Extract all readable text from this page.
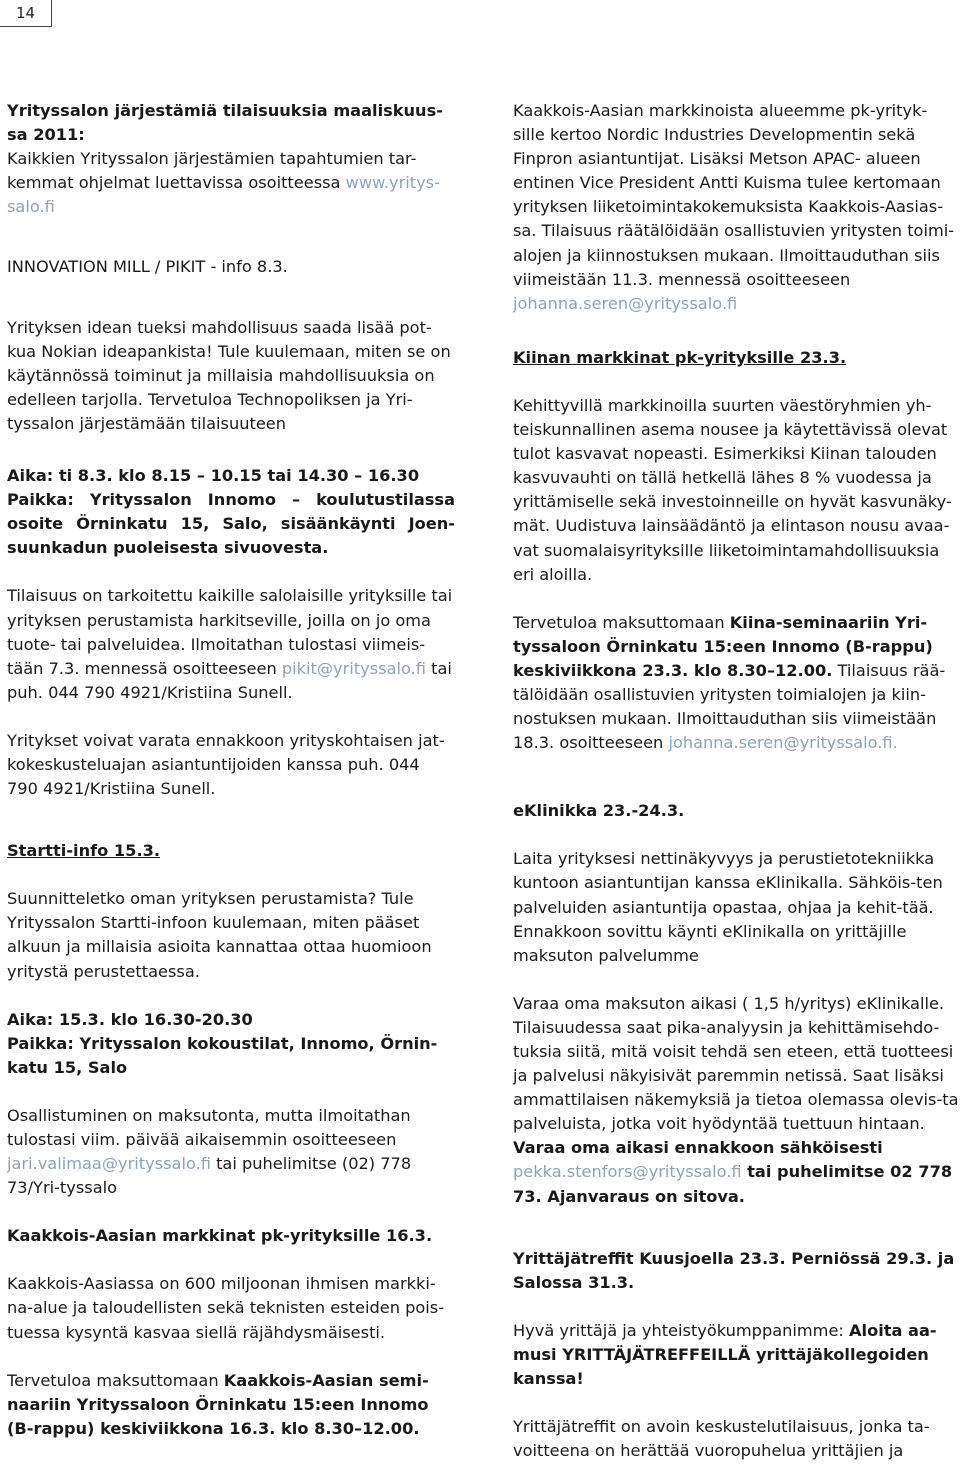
14

Yrityssalon järjestämiä tilaisuuksia maaliskuus-
sa 2011:

Kaikkien Yrityssalon järjestämien tapahtumien tar-kemmat ohjelmat luettavissa osoitteessa www.yritys-salo.fi

INNOVATION MILL / PIKIT - info 8.3.

Yrityksen idean tueksi mahdollisuus saada lisää pot-kua Nokian ideapankista! Tule kuulemaan, miten se on käytännössä toiminut ja millaisia mahdollisuuksia on edelleen tarjolla. Tervetuloa Technopoliksen ja Yri-tyssalon järjestämään tilaisuuteen

Aika: ti 8.3. klo 8.15 – 10.15 tai 14.30 – 16.30

Paikka: Yrityssalon Innomo – koulutustilassa osoite Örninkatu 15, Salo, sisäänkäynti Joen-suunkadun puoleisesta sivuovesta.

Tilaisuus on tarkoitettu kaikille salolaisille yrityksille tai yrityksen perustamista harkitseville, joilla on jo oma tuote- tai palveluidea. Ilmoitathan tulostasi viimeis-tään 7.3. mennessä osoitteeseen pikit@yrityssalo.fi tai puh. 044 790 4921/Kristiina Sunell.

Yritykset voivat varata ennakkoon yrityskohtaisen jat-kokeskusteluajan asiantuntijoiden kanssa puh. 044 790 4921/Kristiina Sunell.

Startti-info 15.3.

Suunnitteletko oman yrityksen perustamista? Tule Yrityssalon Startti-infoon kuulemaan, miten pääset alkuun ja millaisia asioita kannattaa ottaa huomioon yritystä perustettaessa.

Aika: 15.3. klo 16.30-20.30

Paikka: Yrityssalon kokoustilat, Innomo, Örnin-katu 15, Salo

Osallistuminen on maksutonta, mutta ilmoitathan tulostasi viim. päivää aikaisemmin osoitteeseen jari.valimaa@yrityssalo.fi tai puhelimitse (02) 778 73/Yri-tyssalo

Kaakkois-Aasian markkinat pk-yrityksille 16.3.

Kaakkois-Aasiassa on 600 miljoonan ihmisen markki-na-alue ja taloudellisten sekä teknisten esteiden pois-tuessa kysyntä kasvaa siellä räjähdysmäisesti.

Tervetuloa maksuttomaan Kaakkois-Aasian semi-naariin Yrityssaloon Örninkatu 15:een Innomo (B-rappu) keskiviikkona 16.3. klo 8.30–12.00.

Kaakkois-Aasian markkinoista alueemme pk-yrityk-sille kertoo Nordic Industries Developmentin sekä Finpron asiantuntijat. Lisäksi Metson APAC- alueen entinen Vice President Antti Kuisma tulee kertomaan yrityksen liiketoimintakokemuksista Kaakkois-Aasias-sa. Tilaisuus räätälöidään osallistuvien yritysten toimi-alojen ja kiinnostuksen mukaan. Ilmoittauduthan siis viimeistään 11.3. mennessä osoitteeseen johanna.seren@yrityssalo.fi

Kiinan markkinat pk-yrityksille 23.3.

Kehittyvillä markkinoilla suurten väestöryhmien yh-teiskunnallinen asema nousee ja käytettävissä olevat tulot kasvavat nopeasti. Esimerkiksi Kiinan talouden kasvuvauhti on tällä hetkellä lähes 8 % vuodessa ja yrittämiselle sekä investoinneille on hyvät kasvunäky-mät. Uudistuva lainsäädäntö ja elintason nousu avaa-vat suomalaisyrityksille liiketoimintamahdollisuuksia eri aloilla.

Tervetuloa maksuttomaan Kiina-seminaariin Yri-tyssaloon Örninkatu 15:een Innomo (B-rappu) keskiviikkona 23.3. klo 8.30–12.00. Tilaisuus rää-tälöidään osallistuvien yritysten toimialojen ja kiin-nostuksen mukaan. Ilmoittauduthan siis viimeistään 18.3. osoitteeseen johanna.seren@yrityssalo.fi.

eKlinikka 23.-24.3.

Laita yrityksesi nettinäkyvyys ja perustietotekniikka kuntoon asiantuntijan kanssa eKlinikalla. Sähköis-ten palveluiden asiantuntija opastaa, ohjaa ja kehit-tää. Ennakkoon sovittu käynti eKlinikalla on yrittäjille maksuton palvelumme

Varaa oma maksuton aikasi ( 1,5 h/yritys) eKlinikalle. Tilaisuudessa saat pika-analyysin ja kehittämisehdo-tuksia siitä, mitä voisit tehdä sen eteen, että tuotteesi ja palvelusi näkyisivät paremmin netissä. Saat lisäksi ammattilaisen näkemyksiä ja tietoa olemassa olevis-ta palveluista, jotka voit hyödyntää tuettuun hintaan. Varaa oma aikasi ennakkoon sähköisesti pekka.stenfors@yrityssalo.fi tai puhelimitse 02 778 73. Ajanvaraus on sitova.

Yrittäjätreffit Kuusjoella 23.3. Perniössä 29.3. ja Salossa 31.3.

Hyvä yrittäjä ja yhteistyökumppanimme: Aloita aa-musi YRITTÄJÄTREFFEILLÄ yrittäjäkollegoiden kanssa!

Yrittäjätreffit on avoin keskustelutilaisuus, jonka ta-voitteena on herättää vuoropuhelua yrittäjien ja
